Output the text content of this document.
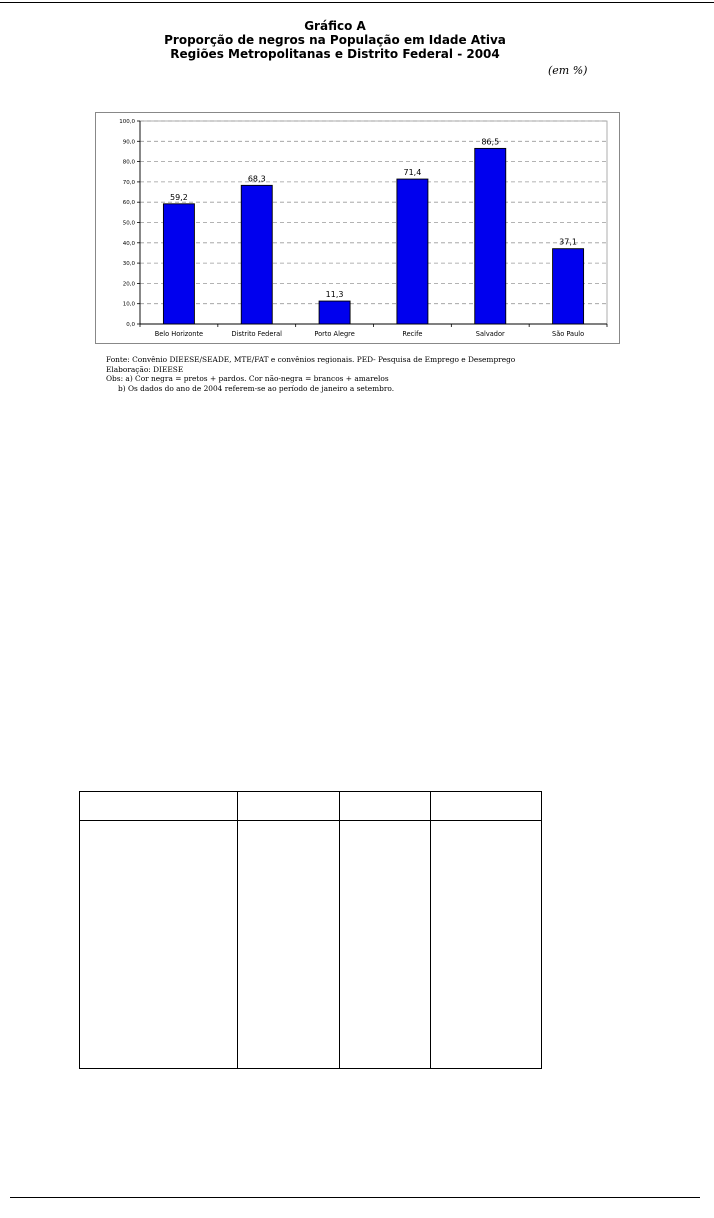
Gráfico A
Proporção de negros na População em Idade Ativa
Regiões Metropolitanas e Distrito Federal - 2004
(em %)
0,0
10,0
20,0
30,0
40,0
50,0
60,0
70,0
80,0
90,0
100,0
59,2
Belo Horizonte
68,3
Distrito Federal
11,3
Porto Alegre
71,4
Recife
86,5
Salvador
37,1
São Paulo
Fonte: Convênio DIEESE/SEADE, MTE/FAT e convênios regionais. PED- Pesquisa de Emprego e Desemprego
Elaboração: DIEESE
Obs: a) Cor negra = pretos + pardos. Cor não-negra = brancos + amarelos
b) Os dados do ano de 2004 referem-se ao período de janeiro a setembro.
